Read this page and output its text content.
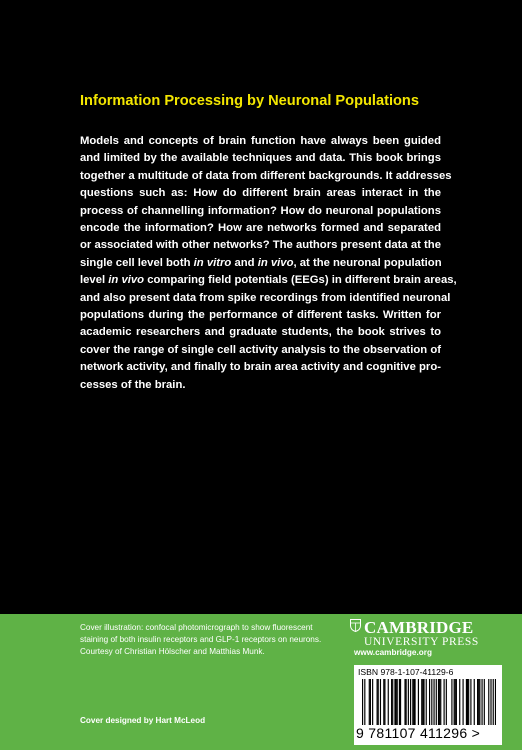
Information Processing by Neuronal Populations
Models and concepts of brain function have always been guided
and limited by the available techniques and data. This book brings
together a multitude of data from different backgrounds. It addresses
questions such as: How do different brain areas interact in the
process of channelling information? How do neuronal populations
encode the information? How are networks formed and separated
or associated with other networks? The authors present data at the
single cell level both in vitro and in vivo, at the neuronal population
level in vivo comparing field potentials (EEGs) in different brain areas,
and also present data from spike recordings from identified neuronal
populations during the performance of different tasks. Written for
academic researchers and graduate students, the book strives to
cover the range of single cell activity analysis to the observation of
network activity, and finally to brain area activity and cognitive pro-
cesses of the brain.
Cover illustration: confocal photomicrograph to show fluorescent
staining of both insulin receptors and GLP-1 receptors on neurons.
Courtesy of Christian Hölscher and Matthias Munk.
Cover designed by Hart McLeod
CAMBRIDGE
UNIVERSITY PRESS
www.cambridge.org
ISBN 978-1-107-41129-6
9 781107 411296 >
